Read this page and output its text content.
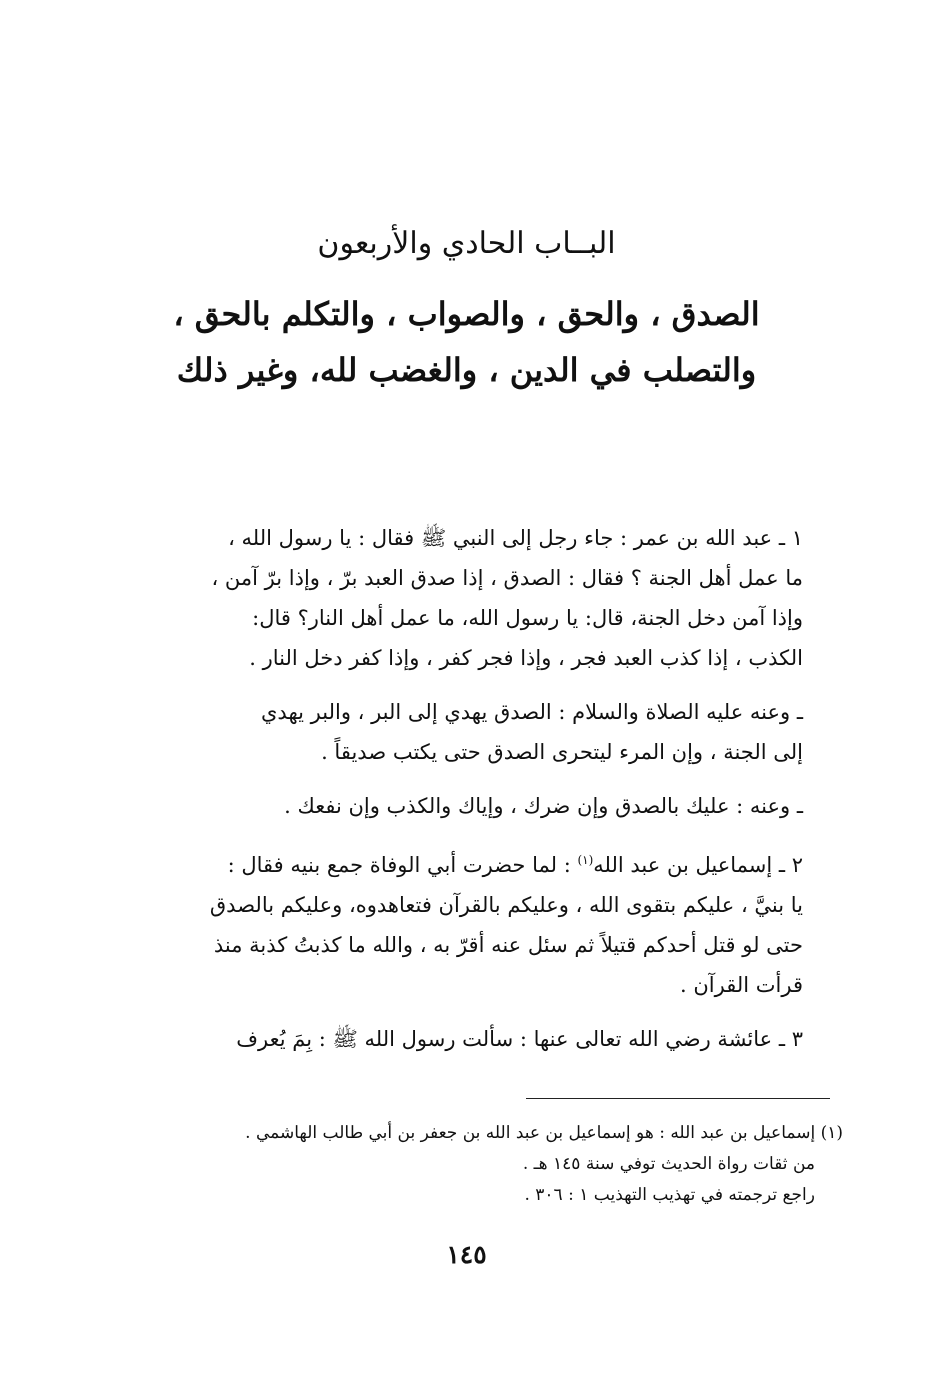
البــاب الحادي والأربعون
الصدق ، والحق ، والصواب ، والتكلم بالحق ،
والتصلب في الدين ، والغضب لله، وغير ذلك
١ ـ عبد الله بن عمر : جاء رجل إلى النبي ﷺ فقال : يا رسول الله ،
ما عمل أهل الجنة ؟ فقال : الصدق ، إذا صدق العبد برّ ، وإذا برّ آمن ،
وإذا آمن دخل الجنة، قال: يا رسول الله، ما عمل أهل النار؟ قال:
الكذب ، إذا كذب العبد فجر ، وإذا فجر كفر ، وإذا كفر دخل النار .
ـ وعنه عليه الصلاة والسلام : الصدق يهدي إلى البر ، والبر يهدي
إلى الجنة ، وإن المرء ليتحرى الصدق حتى يكتب صديقاً .
ـ وعنه : عليك بالصدق وإن ضرك ، وإياك والكذب وإن نفعك .
٢ ـ إسماعيل بن عبد الله$^{(١)}$ : لما حضرت أبي الوفاة جمع بنيه فقال :
يا بنيَّ ، عليكم بتقوى الله ، وعليكم بالقرآن فتعاهدوه، وعليكم بالصدق
حتى لو قتل أحدكم قتيلاً ثم سئل عنه أقرّ به ، والله ما كذبتُ كذبة منذ
قرأت القرآن .
٣ ـ عائشة رضي الله تعالى عنها : سألت رسول الله ﷺ : بِمَ يُعرف
(١) إسماعيل بن عبد الله : هو إسماعيل بن عبد الله بن جعفر بن أبي طالب الهاشمي .
من ثقات رواة الحديث توفي سنة ١٤٥ هـ .
راجع ترجمته في تهذيب التهذيب ١ : ٣٠٦ .
١٤٥
